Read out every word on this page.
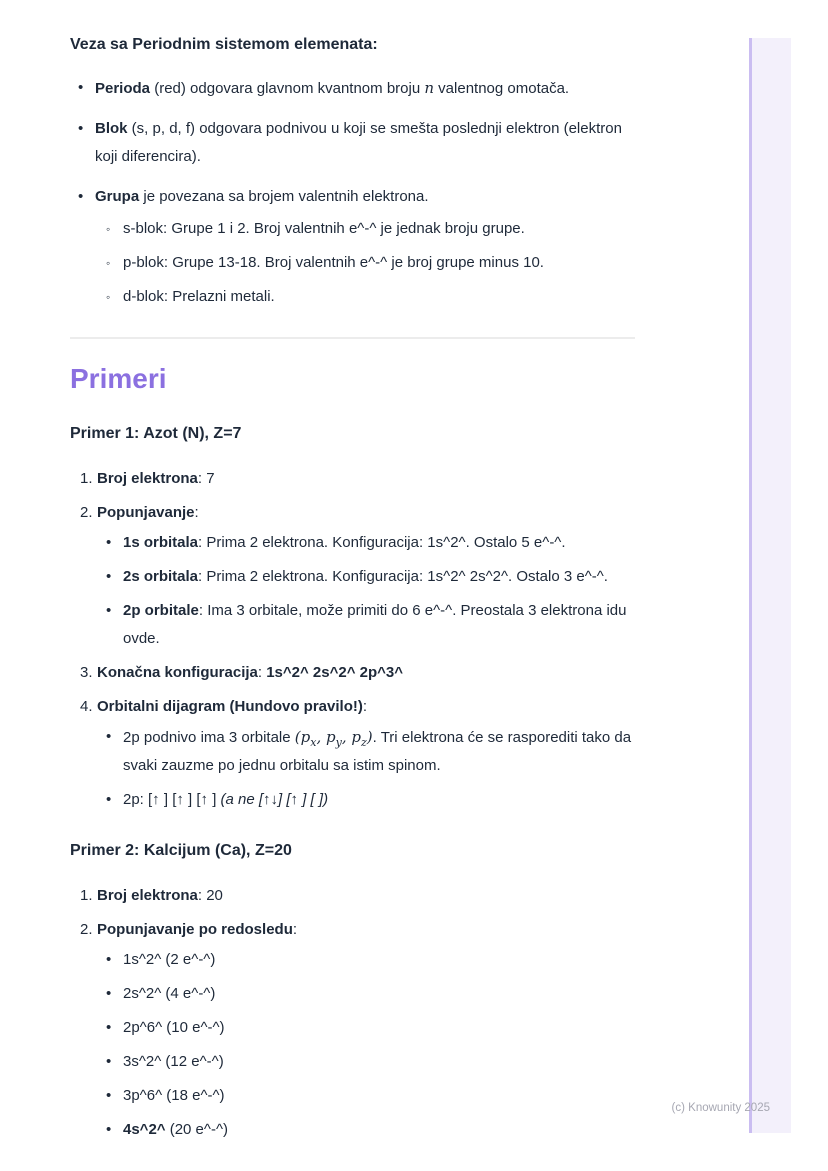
Veza sa Periodnim sistemom elemenata:
• Perioda (red) odgovara glavnom kvantnom broju n valentnog omotača.
• Blok (s, p, d, f) odgovara podnivou u koji se smešta poslednji elektron (elektron koji diferencira).
• Grupa je povezana sa brojem valentnih elektrona.
◦ s-blok: Grupe 1 i 2. Broj valentnih e^-^ je jednak broju grupe.
◦ p-blok: Grupe 13-18. Broj valentnih e^-^ je broj grupe minus 10.
◦ d-blok: Prelazni metali.
Primeri
Primer 1: Azot (N), Z=7
1. Broj elektrona: 7
2. Popunjavanje:
• 1s orbitala: Prima 2 elektrona. Konfiguracija: 1s^2^. Ostalo 5 e^-^.
• 2s orbitala: Prima 2 elektrona. Konfiguracija: 1s^2^ 2s^2^. Ostalo 3 e^-^.
• 2p orbitale: Ima 3 orbitale, može primiti do 6 e^-^. Preostala 3 elektrona idu ovde.
3. Konačna konfiguracija: 1s^2^ 2s^2^ 2p^3^
4. Orbitalni dijagram (Hundovo pravilo!):
• 2p podnivo ima 3 orbitale ($p_x$, $p_y$, $p_z$). Tri elektrona će se rasporediti tako da svaki zauzme po jednu orbitalu sa istim spinom.
• 2p: [↑ ] [↑ ] [↑ ] (a ne [↑↓] [↑ ] [ ])
Primer 2: Kalcijum (Ca), Z=20
1. Broj elektrona: 20
2. Popunjavanje po redosledu:
• 1s^2^ (2 e^-^)
• 2s^2^ (4 e^-^)
• 2p^6^ (10 e^-^)
• 3s^2^ (12 e^-^)
• 3p^6^ (18 e^-^)
• 4s^2^ (20 e^-^)
(c) Knowunity 2025
